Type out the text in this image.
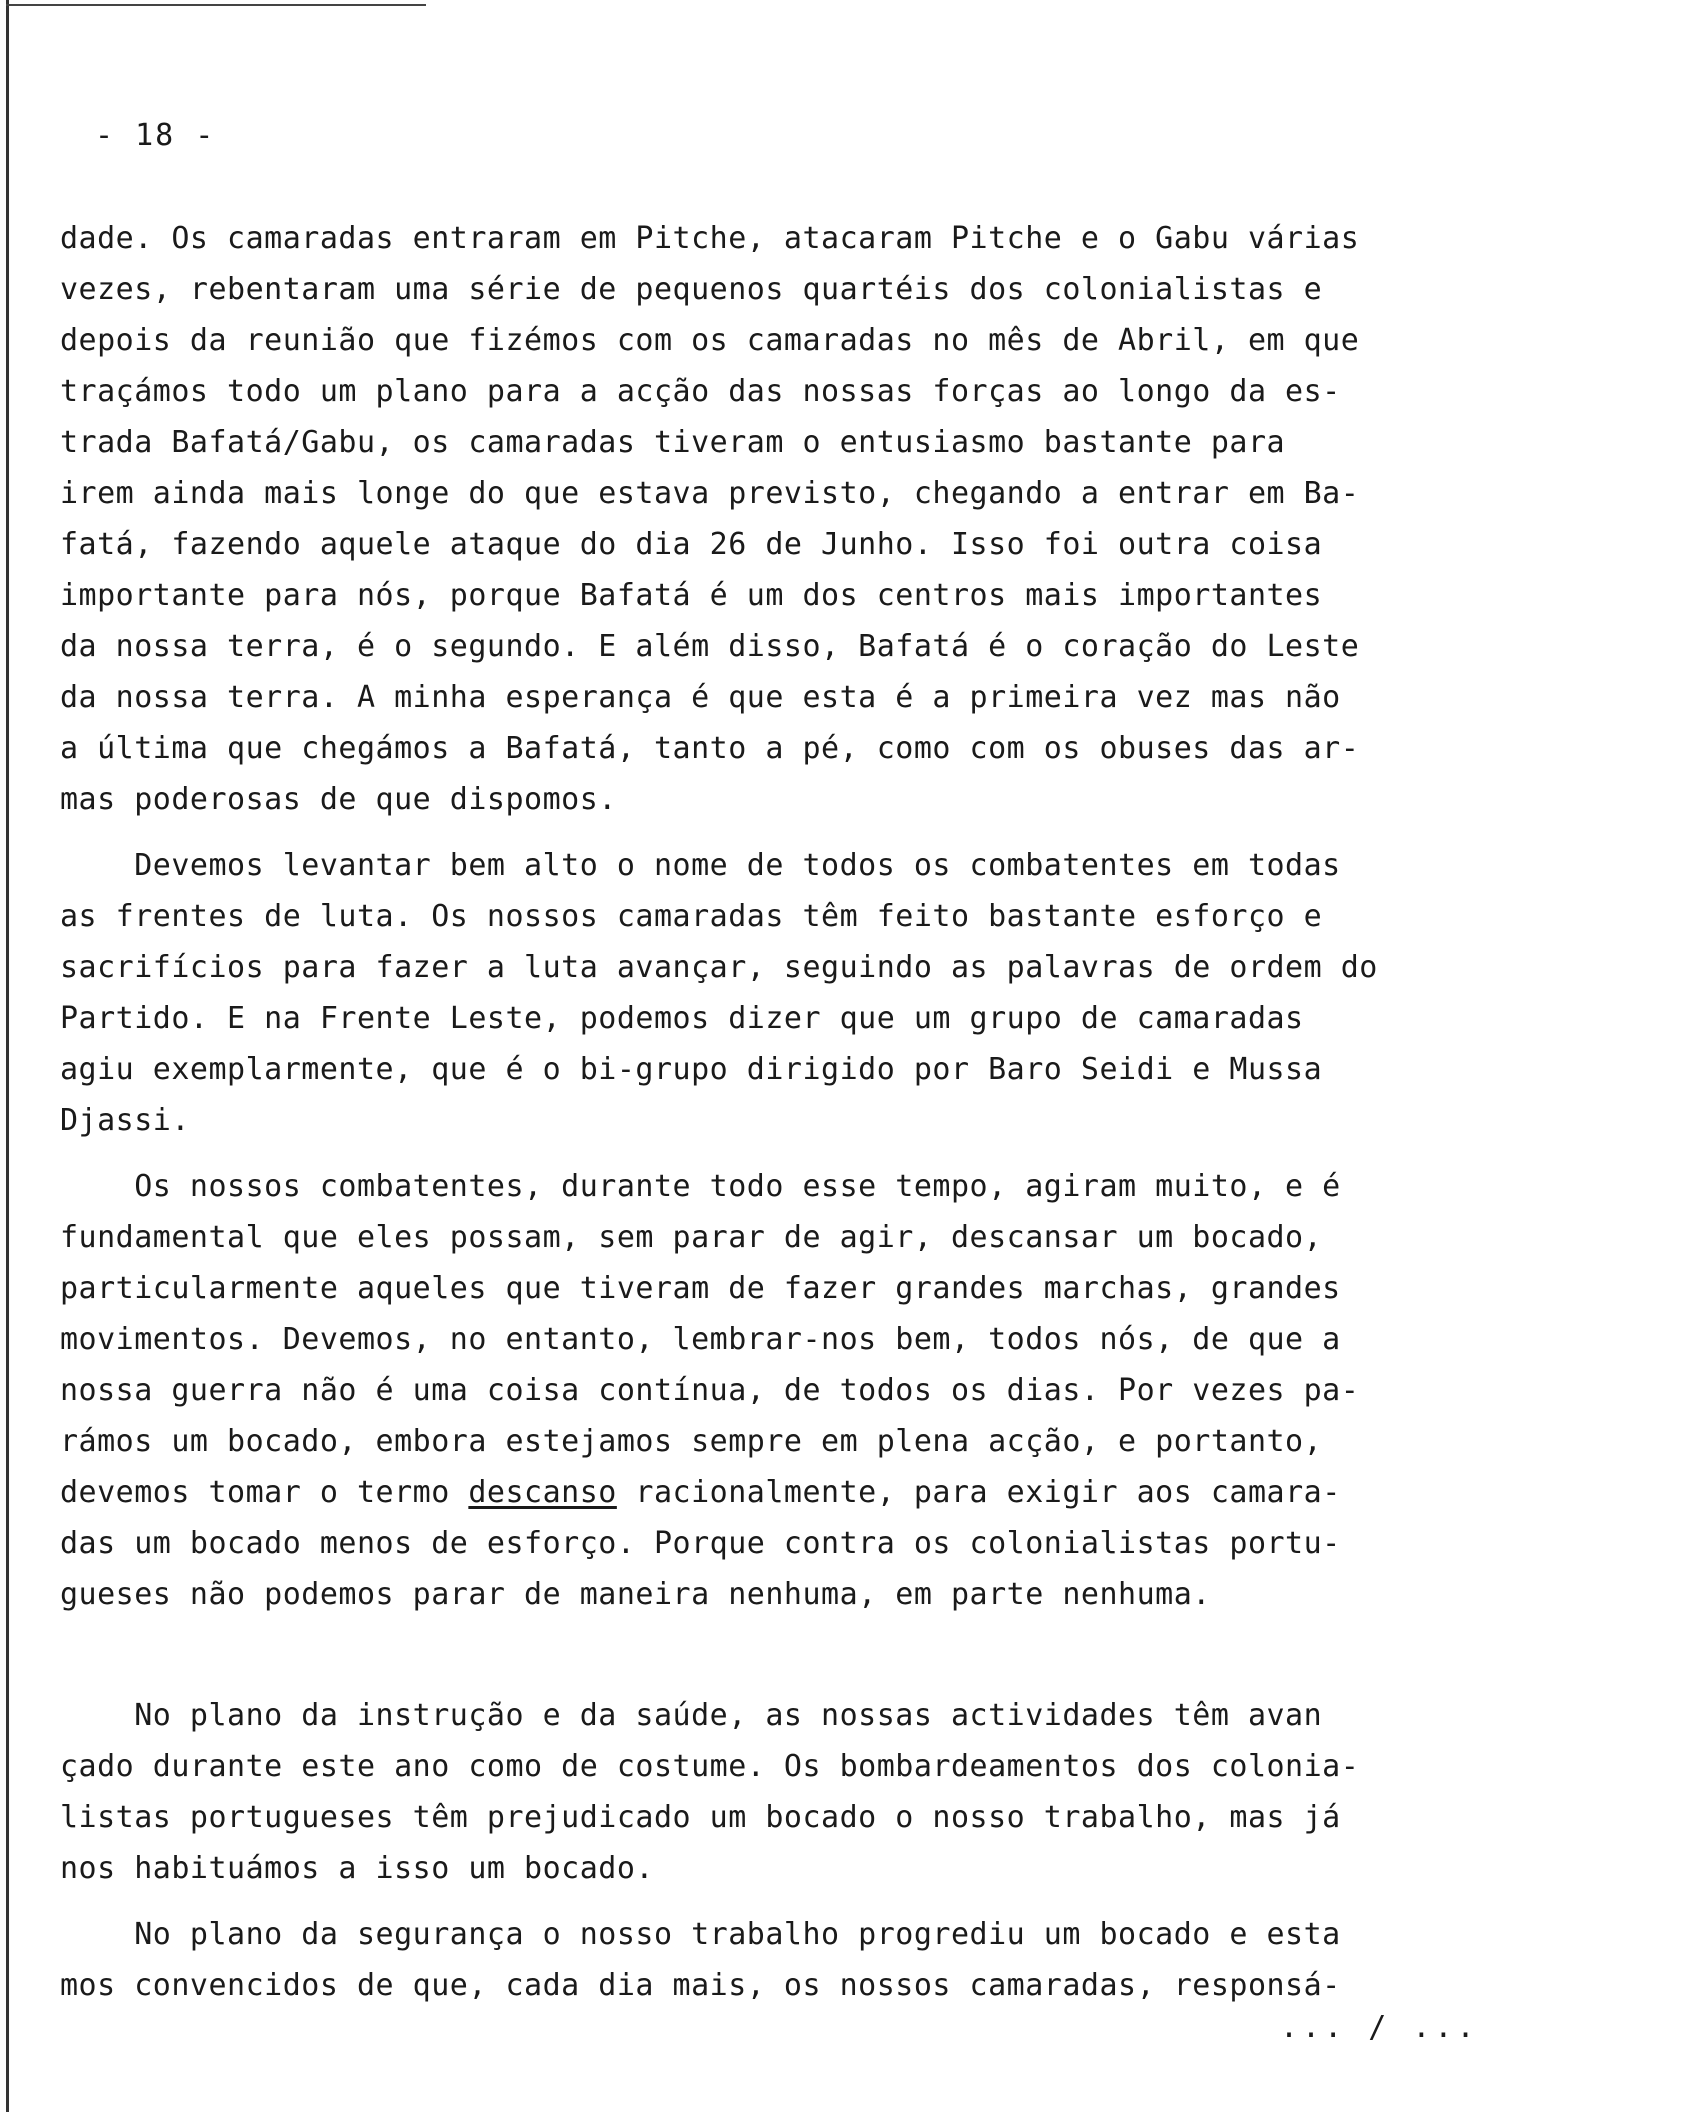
- 18 -
dade. Os camaradas entraram em Pitche, atacaram Pitche e o Gabu várias
vezes, rebentaram uma série de pequenos quartéis dos colonialistas e
depois da reunião que fizémos com os camaradas no mês de Abril, em que
traçámos todo um plano para a acção das nossas forças ao longo da es-
trada Bafatá/Gabu, os camaradas tiveram o entusiasmo bastante para
irem ainda mais longe do que estava previsto, chegando a entrar em Ba-
fatá, fazendo aquele ataque do dia 26 de Junho. Isso foi outra coisa
importante para nós, porque Bafatá é um dos centros mais importantes
da nossa terra, é o segundo. E além disso, Bafatá é o coração do Leste
da nossa terra. A minha esperança é que esta é a primeira vez mas não
a última que chegámos a Bafatá, tanto a pé, como com os obuses das ar-
mas poderosas de que dispomos.
Devemos levantar bem alto o nome de todos os combatentes em todas
as frentes de luta. Os nossos camaradas têm feito bastante esforço e
sacrifícios para fazer a luta avançar, seguindo as palavras de ordem do
Partido. E na Frente Leste, podemos dizer que um grupo de camaradas
agiu exemplarmente, que é o bi-grupo dirigido por Baro Seidi e Mussa
Djassi.
Os nossos combatentes, durante todo esse tempo, agiram muito, e é
fundamental que eles possam, sem parar de agir, descansar um bocado,
particularmente aqueles que tiveram de fazer grandes marchas, grandes
movimentos. Devemos, no entanto, lembrar-nos bem, todos nós, de que a
nossa guerra não é uma coisa contínua, de todos os dias. Por vezes pa-
rámos um bocado, embora estejamos sempre em plena acção, e portanto,
devemos tomar o termo descanso racionalmente, para exigir aos camara-
das um bocado menos de esforço. Porque contra os colonialistas portu-
gueses não podemos parar de maneira nenhuma, em parte nenhuma.
No plano da instrução e da saúde, as nossas actividades têm avan
çado durante este ano como de costume. Os bombardeamentos dos colonia-
listas portugueses têm prejudicado um bocado o nosso trabalho, mas já
nos habituámos a isso um bocado.
No plano da segurança o nosso trabalho progrediu um bocado e esta
mos convencidos de que, cada dia mais, os nossos camaradas, responsá-
... / ...
